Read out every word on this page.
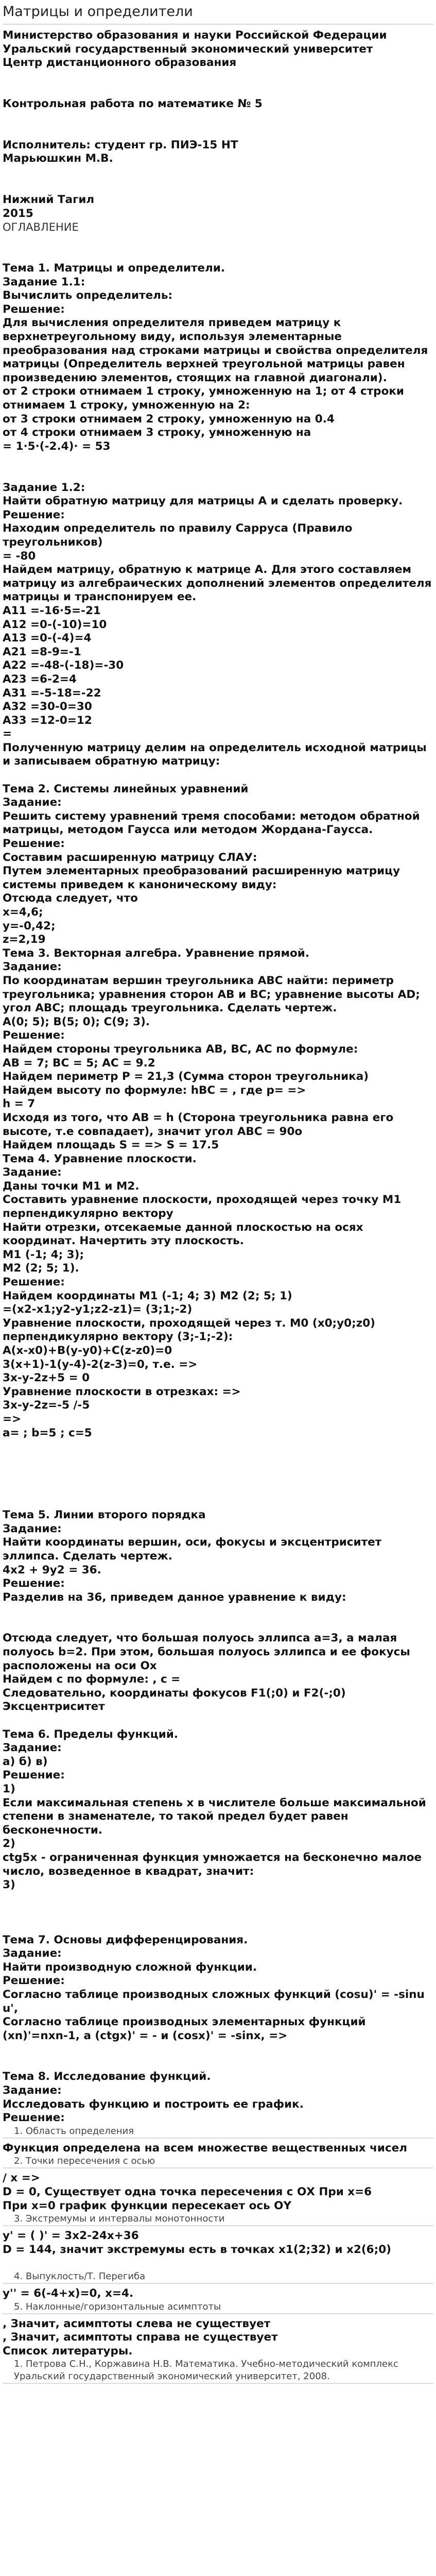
Матрицы и определители
Министерство образования и науки Российской Федерации
Уральский государственный экономический университет
Центр дистанционного образования
Контрольная работа по математике № 5
Исполнитель: студент гр. ПИЭ-15 НТ
Марьюшкин М.В.
Нижний Тагил
2015
ОГЛАВЛЕНИЕ
Тема 1. Матрицы и определители.
Задание 1.1:
Вычислить определитель:
Решение:
Для вычисления определителя приведем матрицу к верхнетреугольному виду, используя элементарные преобразования над строками матрицы и свойства определителя матрицы (Определитель верхней треугольной матрицы равен произведению элементов, стоящих на главной диагонали).
от 2 строки отнимаем 1 строку, умноженную на 1; от 4 строки отнимаем 1 строку, умноженную на 2:
от 3 строки отнимаем 2 строку, умноженную на 0.4
от 4 строки отнимаем 3 строку, умноженную на
= 1·5·(-2.4)· = 53
Задание 1.2:
Найти обратную матрицу для матрицы А и сделать проверку.
Решение:
Находим определитель по правилу Сарруса (Правило треугольников)
= -80
Найдем матрицу, обратную к матрице А. Для этого составляем матрицу из алгебраических дополнений элементов определителя матрицы и транспонируем ее.
A11 =-16·5=-21
A12 =0-(-10)=10
A13 =0-(-4)=4
A21 =8-9=-1
A22 =-48-(-18)=-30
A23 =6-2=4
A31 =-5-18=-22
A32 =30-0=30
A33 =12-0=12
=
Полученную матрицу делим на определитель исходной матрицы и записываем обратную матрицу:
Тема 2. Системы линейных уравнений
Задание:
Решить систему уравнений тремя способами: методом обратной матрицы, методом Гаусса или методом Жордана-Гаусса.
Решение:
Составим расширенную матрицу СЛАУ:
Путем элементарных преобразований расширенную матрицу системы приведем к каноническому виду:
Отсюда следует, что
x=4,6;
y=-0,42;
z=2,19
Тема 3. Векторная алгебра. Уравнение прямой.
Задание:
По координатам вершин треугольника АВС найти: периметр треугольника; уравнения сторон АВ и ВС; уравнение высоты AD; угол ABC; площадь треугольника. Сделать чертеж.
А(0; 5); В(5; 0); С(9; 3).
Решение:
Найдем стороны треугольника АВ, ВС, АС по формуле:
AB = 7; BC = 5; AC = 9.2
Найдем периметр P = 21,3 (Сумма сторон треугольника)
Найдем высоту по формуле: hBC = , где p= =>
h = 7
Исходя из того, что AB = h (Сторона треугольника равна его высоте, т.е совпадает), значит угол ABC = 90о
Найдем площадь S = => S = 17.5
Тема 4. Уравнение плоскости.
Задание:
Даны точки М1 и М2.
Составить уравнение плоскости, проходящей через точку М1 перпендикулярно вектору
Найти отрезки, отсекаемые данной плоскостью на осях координат. Начертить эту плоскость.
M1 (-1; 4; 3);
M2 (2; 5; 1).
Решение:
Найдем координаты M1 (-1; 4; 3) M2 (2; 5; 1)
=(x2-x1;y2-y1;z2-z1)= (3;1;-2)
Уравнение плоскости, проходящей через т. M0 (x0;y0;z0) перпендикулярно вектору (3;-1;-2):
A(x-x0)+B(y-y0)+C(z-z0)=0
3(x+1)-1(y-4)-2(z-3)=0, т.е. =>
3x-y-2z+5 = 0
Уравнение плоскости в отрезках: =>
3x-y-2z=-5 /-5
=>
a= ; b=5 ; c=5
Тема 5. Линии второго порядка
Задание:
Найти координаты вершин, оси, фокусы и эксцентриситет эллипса. Сделать чертеж.
4x2 + 9y2 = 36.
Решение:
Разделив на 36, приведем данное уравнение к виду:
Отсюда следует, что большая полуось эллипса a=3, а малая полуось b=2. При этом, большая полуось эллипса и ее фокусы расположены на оси Ox
Найдем c по формуле: , c =
Следовательно, координаты фокусов F1(;0) и F2(-;0)
Эксцентриситет
Тема 6. Пределы функций.
Задание:
а) б) в)
Решение:
1)
Если максимальная степень x в числителе больше максимальной степени в знаменателе, то такой предел будет равен бесконечности.
2)
ctg5x - ограниченная функция умножается на бесконечно малое число, возведенное в квадрат, значит:
3)
Тема 7. Основы дифференцирования.
Задание:
Найти производную сложной функции.
Решение:
Согласно таблице производных сложных функций (cosu)' = -sinu u',
Согласно таблице производных элементарных функций (xn)'=nxn-1, а (ctgx)' = - и (cosx)' = -sinx, =>
Тема 8. Исследование функций.
Задание:
Исследовать функцию и построить ее график.
Решение:
1. Область определения
Функция определена на всем множестве вещественных чисел
2. Точки пересечения с осью
/ х =>
D = 0, Существует одна точка пересечения с ОХ При x=6
При х=0 график функции пересекает ось ОY
3. Экстремумы и интервалы монотонности
y' = ( )' = 3x2-24x+36
D = 144, значит экстремумы есть в точках x1(2;32) и x2(6;0)
4. Выпуклость/Т. Перегиба
y'' = 6(-4+x)=0, x=4.
5. Наклонные/горизонтальные асимптоты
, Значит, асимптоты слева не существует
, Значит, асимптоты справа не существует
Список литературы.
1. Петрова С.Н., Коржавина Н.В. Математика. Учебно-методический комплекс Уральский государственный экономический университет, 2008.
